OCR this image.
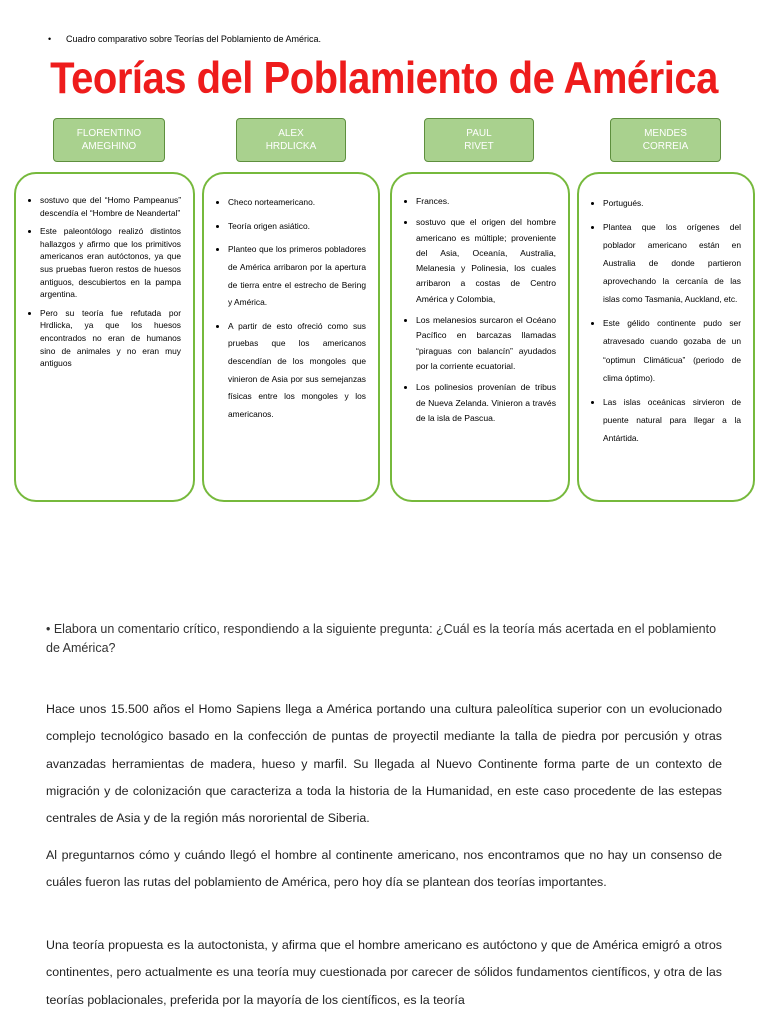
• Cuadro comparativo sobre Teorías del Poblamiento de América.
Teorías del Poblamiento de América
FLORENTINO
AMEGHINO
ALEX
HRDLICKA
PAUL
RIVET
MENDES
CORREIA
• sostuvo que del “Homo Pampeanus” descendía el “Hombre de Neandertal”
• Este paleontólogo realizó distintos hallazgos y afirmo que los primitivos americanos eran autóctonos, ya que sus pruebas fueron restos de huesos antiguos, descubiertos en la pampa argentina.
• Pero su teoría fue refutada por Hrdlicka, ya que los huesos encontrados no eran de humanos sino de animales y no eran muy antiguos
• Checo norteamericano.
• Teoría origen asiático.
• Planteo que los primeros pobladores de América arribaron por la apertura de tierra entre el estrecho de Bering y América.
• A partir de esto ofreció como sus pruebas que los americanos descendían de los mongoles que vinieron de Asia por sus semejanzas físicas entre los mongoles y los americanos.
• Frances.
• sostuvo que el origen del hombre americano es múltiple; proveniente del Asia, Oceanía, Australia, Melanesia y Polinesia, los cuales arribaron a costas de Centro América y Colombia,
• Los melanesios surcaron el Océano Pacífico en barcazas llamadas “piraguas con balancín” ayudados por la corriente ecuatorial.
• Los polinesios provenían de tribus de Nueva Zelanda. Vinieron a través de la isla de Pascua.
• Portugués.
• Plantea que los orígenes del poblador americano están en Australia de donde partieron aprovechando la cercanía de las islas como Tasmania, Auckland, etc.
• Este gélido continente pudo ser atravesado cuando gozaba de un “optimun Climáticua” (periodo de clima óptimo).
• Las islas oceánicas sirvieron de puente natural para llegar a la Antártida.
• Elabora un comentario crítico, respondiendo a la siguiente pregunta: ¿Cuál es la teoría más acertada en el poblamiento de América?

Hace unos 15.500 años el Homo Sapiens llega a América portando una cultura paleolítica superior con un evolucionado complejo tecnológico basado en la confección de puntas de proyectil mediante la talla de piedra por percusión y otras avanzadas herramientas de madera, hueso y marfil. Su llegada al Nuevo Continente forma parte de un contexto de migración y de colonización que caracteriza a toda la historia de la Humanidad, en este caso procedente de las estepas centrales de Asia y de la región más nororiental de Siberia.

Al preguntarnos cómo y cuándo llegó el hombre al continente americano, nos encontramos que no hay un consenso de cuáles fueron las rutas del poblamiento de América, pero hoy día se plantean dos teorías importantes.

Una teoría propuesta es la autoctonista, y afirma que el hombre americano es autóctono y que de América emigró a otros continentes, pero actualmente es una teoría muy cuestionada por carecer de sólidos fundamentos científicos, y otra de las teorías poblacionales, preferida por la mayoría de los científicos, es la teoría
